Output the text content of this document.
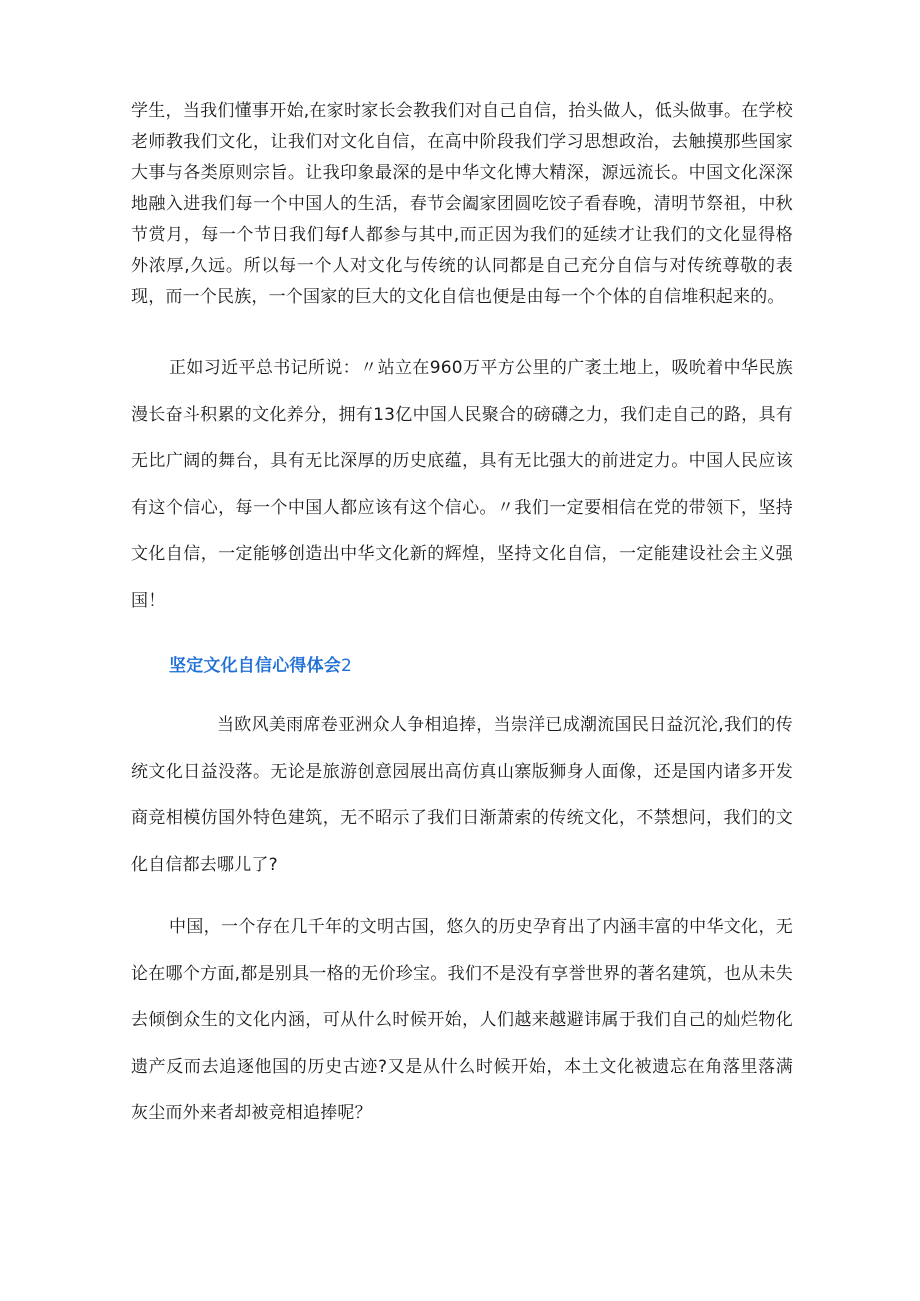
学生，当我们懂事开始,在家时家长会教我们对自己自信，抬头做人，低头做事。在学校老师教我们文化，让我们对文化自信，在高中阶段我们学习思想政治，去触摸那些国家大事与各类原则宗旨。让我印象最深的是中华文化博大精深，源远流长。中国文化深深地融入进我们每一个中国人的生活，春节会阖家团圆吃饺子看春晚，清明节祭祖，中秋节赏月，每一个节日我们每f人都参与其中,而正因为我们的延续才让我们的文化显得格外浓厚,久远。所以每一个人对文化与传统的认同都是自己充分自信与对传统尊敬的表现，而一个民族，一个国家的巨大的文化自信也便是由每一个个体的自信堆积起来的。

正如习近平总书记所说：〃站立在960万平方公里的广袤土地上，吸吮着中华民族漫长奋斗积累的文化养分，拥有13亿中国人民聚合的磅礴之力，我们走自己的路，具有无比广阔的舞台，具有无比深厚的历史底蕴，具有无比强大的前进定力。中国人民应该有这个信心，每一个中国人都应该有这个信心。〃我们一定要相信在党的带领下，坚持文化自信，一定能够创造出中华文化新的辉煌，坚持文化自信，一定能建设社会主义强国！

坚定文化自信心得体会2

当欧风美雨席卷亚洲众人争相追捧，当崇洋已成潮流国民日益沉沦,我们的传统文化日益没落。无论是旅游创意园展出高仿真山寨版狮身人面像，还是国内诸多开发商竞相模仿国外特色建筑，无不昭示了我们日渐萧索的传统文化，不禁想问，我们的文化自信都去哪儿了?

中国，一个存在几千年的文明古国，悠久的历史孕育出了内涵丰富的中华文化，无论在哪个方面,都是别具一格的无价珍宝。我们不是没有享誉世界的著名建筑，也从未失去倾倒众生的文化内涵，可从什么时候开始，人们越来越避讳属于我们自己的灿烂物化遗产反而去追逐他国的历史古迹?又是从什么时候开始，本土文化被遗忘在角落里落满灰尘而外来者却被竞相追捧呢？
